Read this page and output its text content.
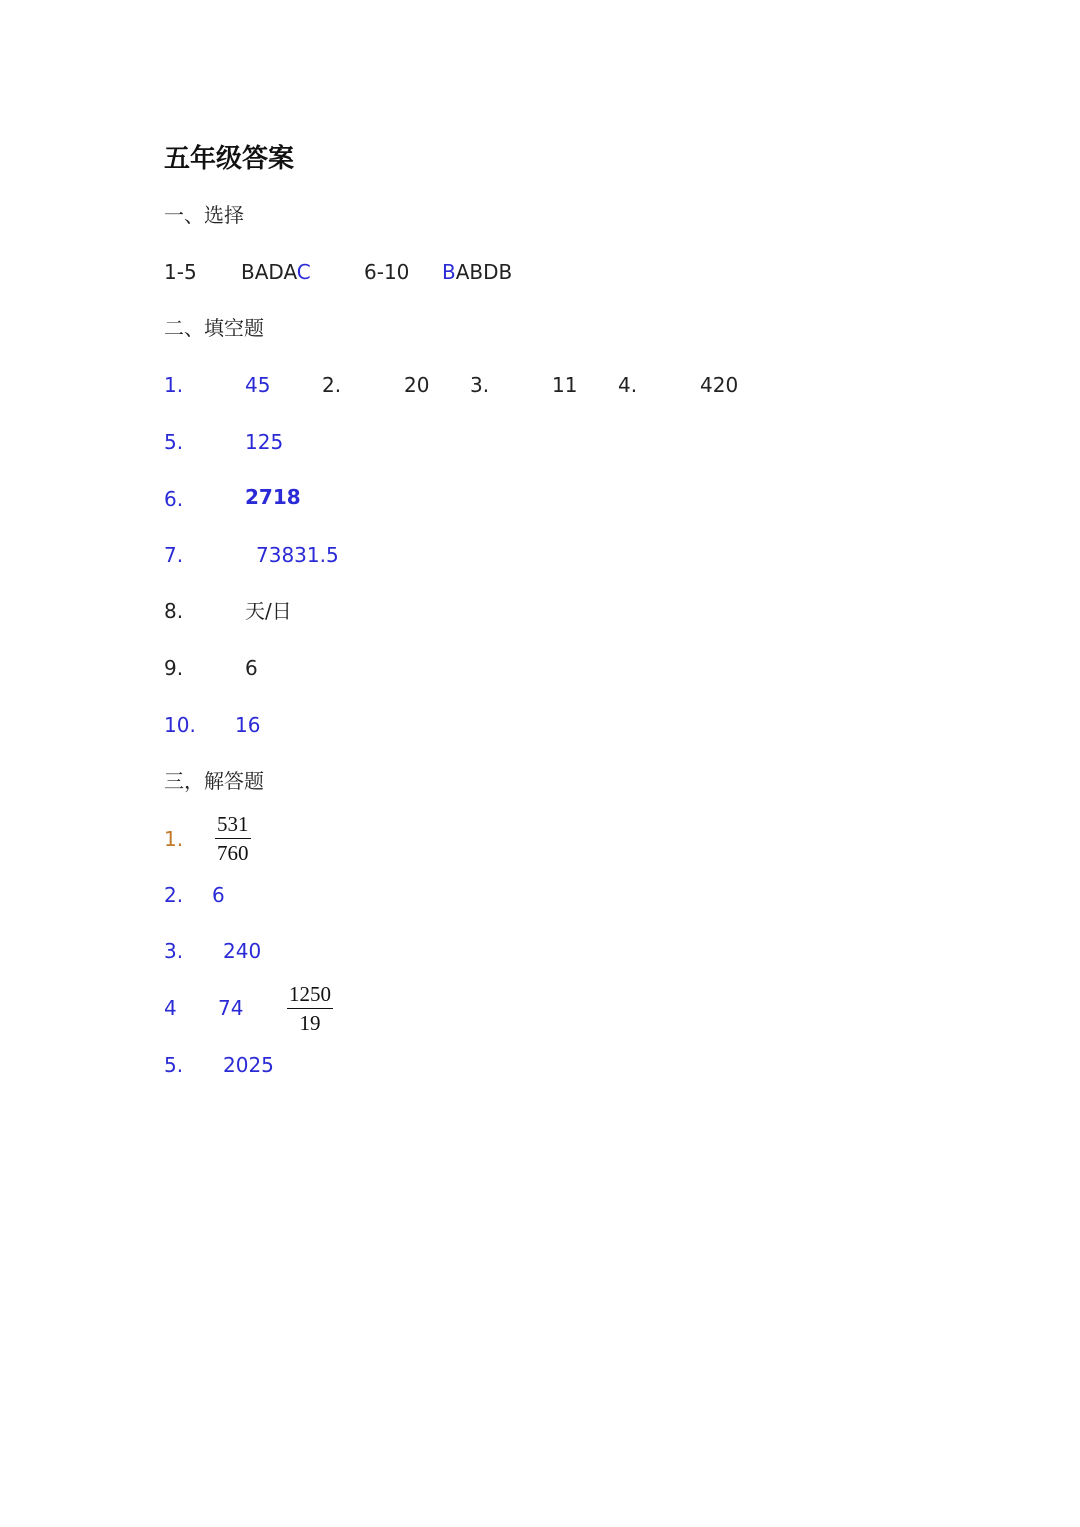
五年级答案
一、选择
1-5 BADAC	6-10 BABDB
二、填空题
1.	45	2.	20 3.	11 4.	420
5.	125
6.	2718
7.	73831.5
8.	天/日
9.	6
10. 16
三，解答题
1.
531
760
2. 6
3. 240
4 74
1250
19
5. 2025
